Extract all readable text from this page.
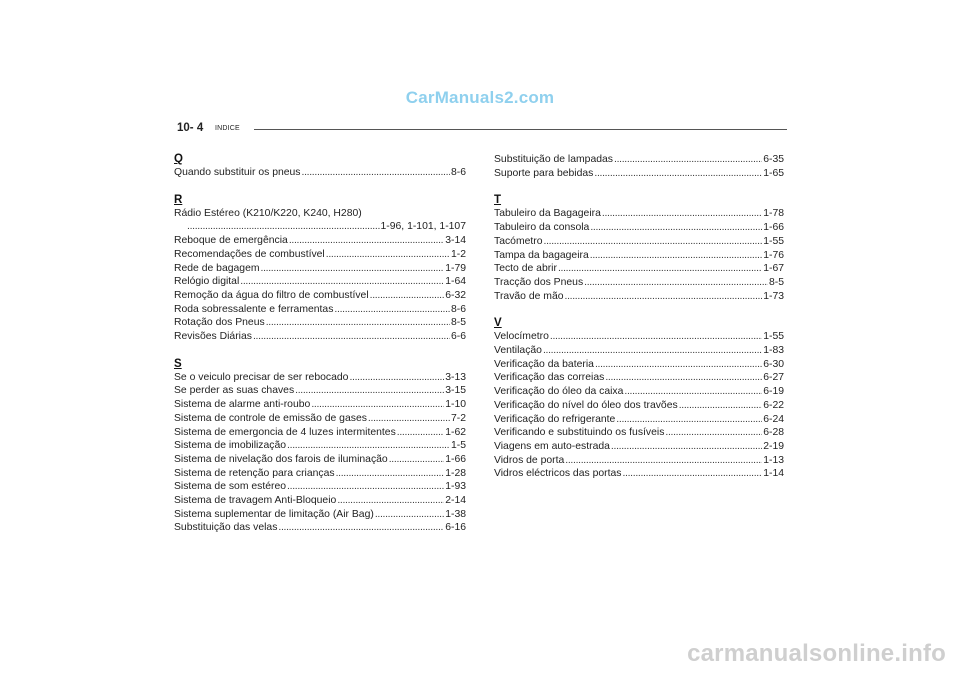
CarManuals2.com
10- 4 INDICE
Q
Quando substituir os pneus . . .	8-6
R
Rádio Estéreo (K210/K220, K240, H280)
. . .
1-96, 1-101, 1-107
Reboque de emergência . . .	3-14
Recomendações de combustível . . .	1-2
Rede de bagagem . . .	1-79
Relógio digital . . .	1-64
Remoção da água do filtro de combustível . . .	6-32
Roda sobressalente e ferramentas . . .	8-6
Rotação dos Pneus . . .	8-5
Revisões Diárias . . .	6-6
S
Se o veiculo precisar de ser rebocado . . .	3-13
Se perder as suas chaves . . .	3-15
Sistema de alarme anti-roubo . . .	1-10
Sistema de controle de emissão de gases . . .	7-2
Sistema de emergoncia de 4 luzes intermitentes . . .	1-62
Sistema de imobilização . . .	1-5
Sistema de nivelação dos farois de iluminação . . .	1-66
Sistema de retenção para crianças . . .	1-28
Sistema de som estéreo . . .	1-93
Sistema de travagem Anti-Bloqueio . . .	2-14
Sistema suplementar de limitação (Air Bag) . . .	1-38
Substituição das velas . . .	6-16
Substituição de lampadas . . .	6-35
Suporte para bebidas . . .	1-65
T
Tabuleiro da Bagageira . . .	1-78
Tabuleiro da consola . . .	1-66
Tacómetro . . .	1-55
Tampa da bagageira . . .	1-76
Tecto de abrir . . .	1-67
Tracção dos Pneus . . .	8-5
Travão de mão . . .	1-73
V
Velocímetro . . .	1-55
Ventilação . . .	1-83
Verificação da bateria . . .	6-30
Verificação das correias . . .	6-27
Verificação do óleo da caixa . . .	6-19
Verificação do nível do óleo dos travões . . .	6-22
Verificação do refrigerante . . .	6-24
Verificando e substituindo os fusíveis . . .	6-28
Viagens em auto-estrada . . .	2-19
Vidros de porta . . .	1-13
Vidros eléctricos das portas . . .	1-14
carmanualsonline.info
